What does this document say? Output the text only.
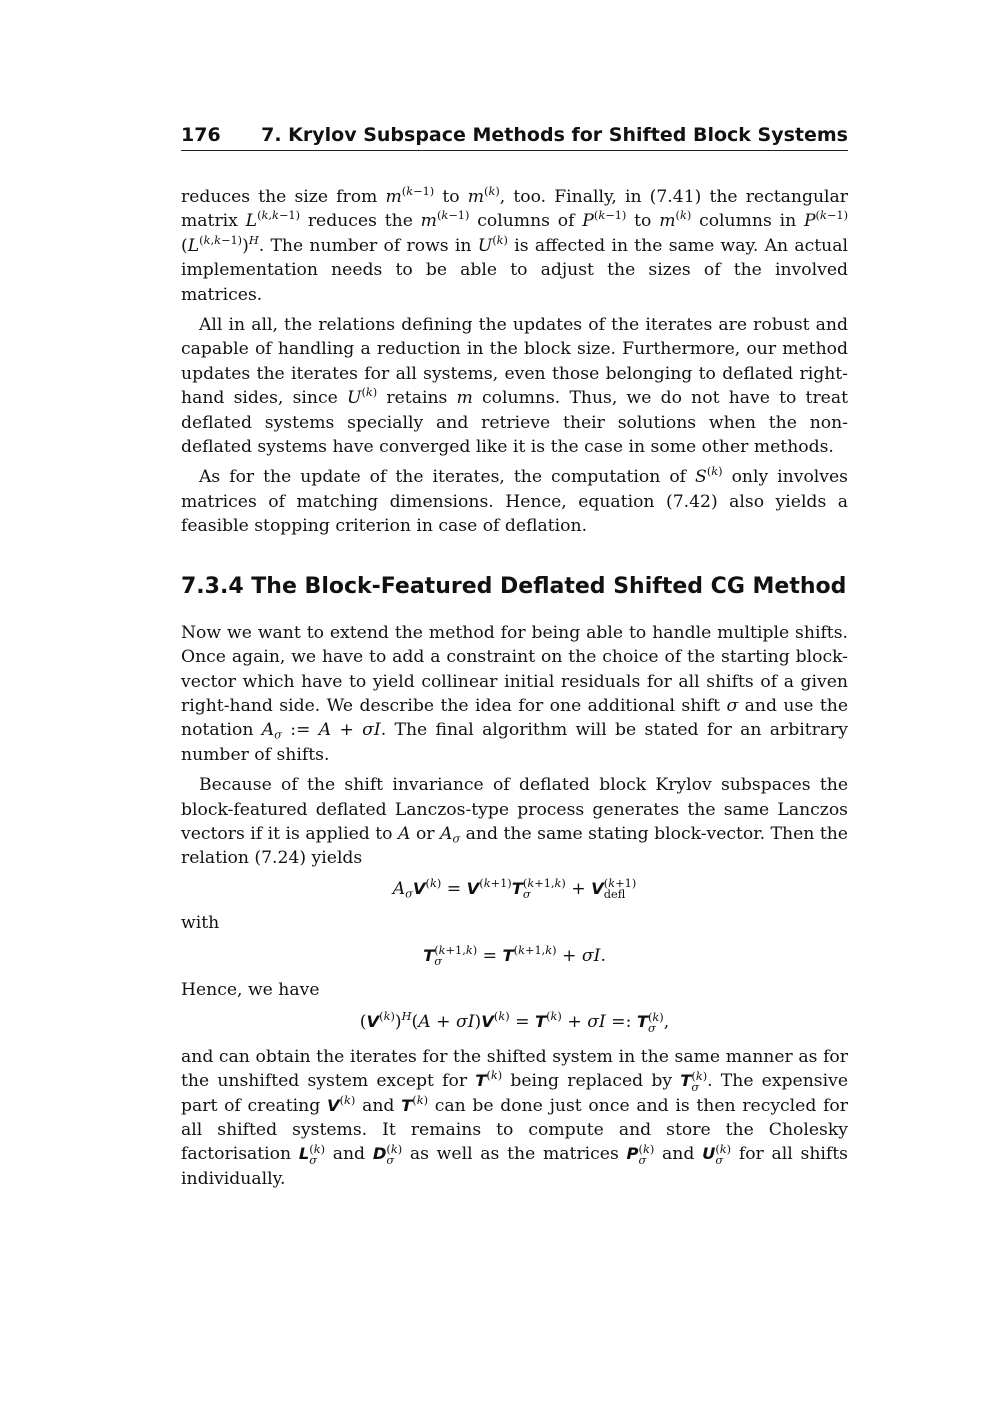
176 7. Krylov Subspace Methods for Shifted Block Systems

reduces the size from $m^{(k-1)}$ to $m^{(k)}$, too. Finally, in (7.41) the rectangular matrix $L^{(k,k-1)}$ reduces the $m^{(k-1)}$ columns of $P^{(k-1)}$ to $m^{(k)}$ columns in $P^{(k-1)}(L^{(k,k-1)})^H$. The number of rows in $U^{(k)}$ is affected in the same way. An actual implementation needs to be able to adjust the sizes of the involved matrices.

All in all, the relations defining the updates of the iterates are robust and capable of handling a reduction in the block size. Furthermore, our method updates the iterates for all systems, even those belonging to deflated right-hand sides, since $U^{(k)}$ retains m columns. Thus, we do not have to treat deflated systems specially and retrieve their solutions when the non-deflated systems have converged like it is the case in some other methods.

As for the update of the iterates, the computation of $S^{(k)}$ only involves matrices of matching dimensions. Hence, equation (7.42) also yields a feasible stopping criterion in case of deflation.

7.3.4 The Block-Featured Deflated Shifted CG Method

Now we want to extend the method for being able to handle multiple shifts. Once again, we have to add a constraint on the choice of the starting block-vector which have to yield collinear initial residuals for all shifts of a given right-hand side. We describe the idea for one additional shift σ and use the notation $A_\sigma$ := A + σI. The final algorithm will be stated for an arbitrary number of shifts.

Because of the shift invariance of deflated block Krylov subspaces the block-featured deflated Lanczos-type process generates the same Lanczos vectors if it is applied to A or $A_\sigma$ and the same stating block-vector. Then the relation (7.24) yields

$A_\sigma V^{(k)} = V^{(k+1)}T$ (k+1,k)
σ	+ V (k+1)
defl

with

T (k+1,k)
σ	= $T^{(k+1,k)} + \sigma I$.

Hence, we have

$(V^{(k)})^H(A + \sigma I)V^{(k)} = T^{(k)} + \sigma I$ =: T (k)
σ ,

and can obtain the iterates for the shifted system in the same manner as for the unshifted system except for $T^{(k)}$ being replaced by T (k)
σ . The expensive part of creating $V^{(k)}$ and $T^{(k)}$ can be done just once and is then recycled for all shifted systems. It remains to compute and store the Cholesky factorisation L (k)
σ and D (k)
σ as well as the matrices P (k)
σ and U (k)
σ for all shifts individually.
